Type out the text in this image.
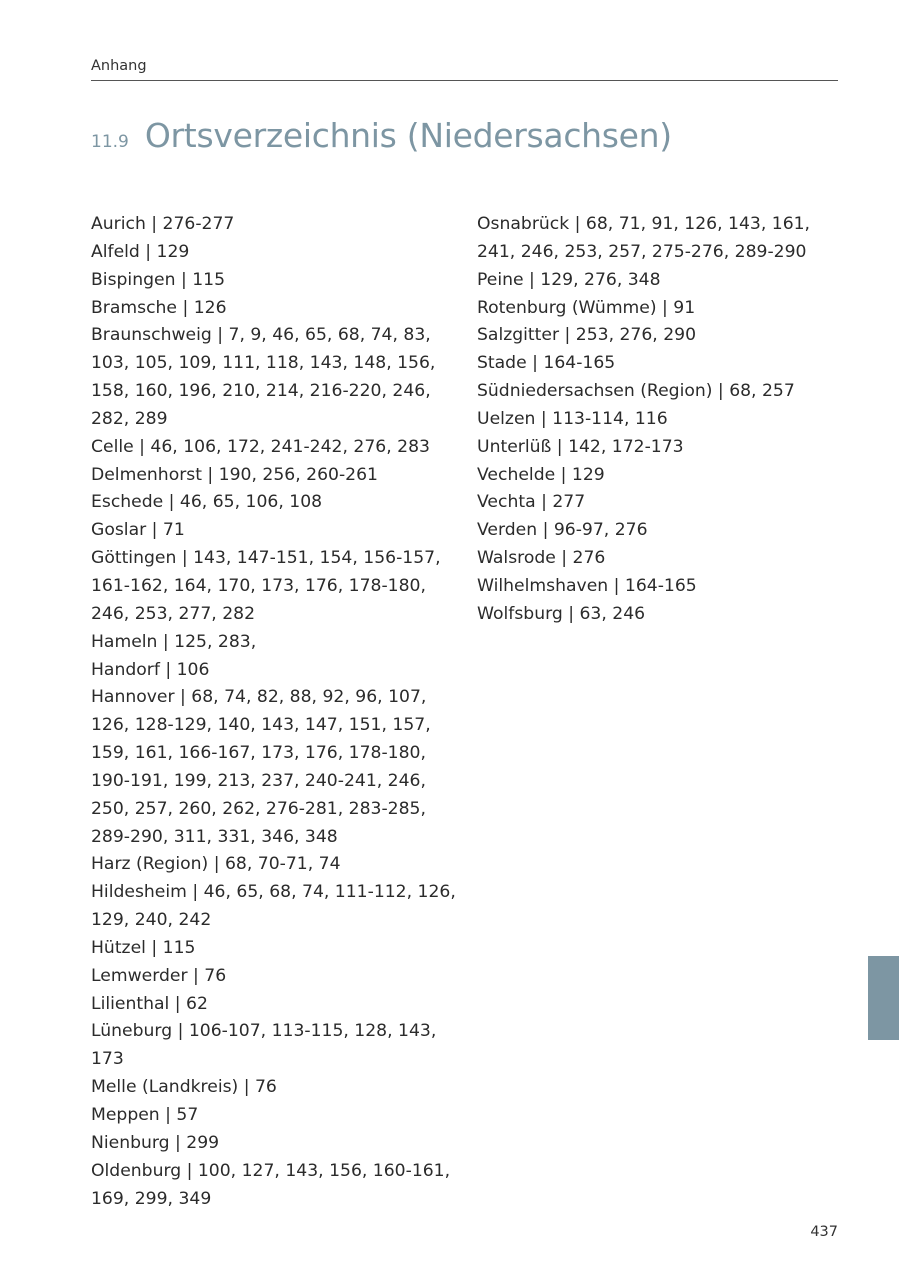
Anhang
11.9 Ortsverzeichnis (Niedersachsen)
Aurich | 276-277
Alfeld | 129
Bispingen | 115
Bramsche | 126
Braunschweig | 7, 9, 46, 65, 68, 74, 83, 103, 105, 109, 111, 118, 143, 148, 156, 158, 160, 196, 210, 214, 216-220, 246, 282, 289
Celle | 46, 106, 172, 241-242, 276, 283
Delmenhorst | 190, 256, 260-261
Eschede | 46, 65, 106, 108
Goslar | 71
Göttingen | 143, 147-151, 154, 156-157, 161-162, 164, 170, 173, 176, 178-180, 246, 253, 277, 282
Hameln | 125, 283,
Handorf | 106
Hannover | 68, 74, 82, 88, 92, 96, 107, 126, 128-129, 140, 143, 147, 151, 157, 159, 161, 166-167, 173, 176, 178-180, 190-191, 199, 213, 237, 240-241, 246, 250, 257, 260, 262, 276-281, 283-285, 289-290, 311, 331, 346, 348
Harz (Region) | 68, 70-71, 74
Hildesheim | 46, 65, 68, 74, 111-112, 126, 129, 240, 242
Hützel | 115
Lemwerder | 76
Lilienthal | 62
Lüneburg | 106-107, 113-115, 128, 143, 173
Melle (Landkreis) | 76
Meppen | 57
Nienburg | 299
Oldenburg | 100, 127, 143, 156, 160-161, 169, 299, 349
Osnabrück | 68, 71, 91, 126, 143, 161, 241, 246, 253, 257, 275-276, 289-290
Peine | 129, 276, 348
Rotenburg (Wümme) | 91
Salzgitter | 253, 276, 290
Stade | 164-165
Südniedersachsen (Region) | 68, 257
Uelzen | 113-114, 116
Unterlüß | 142, 172-173
Vechelde | 129
Vechta | 277
Verden | 96-97, 276
Walsrode | 276
Wilhelmshaven | 164-165
Wolfsburg | 63, 246
437
